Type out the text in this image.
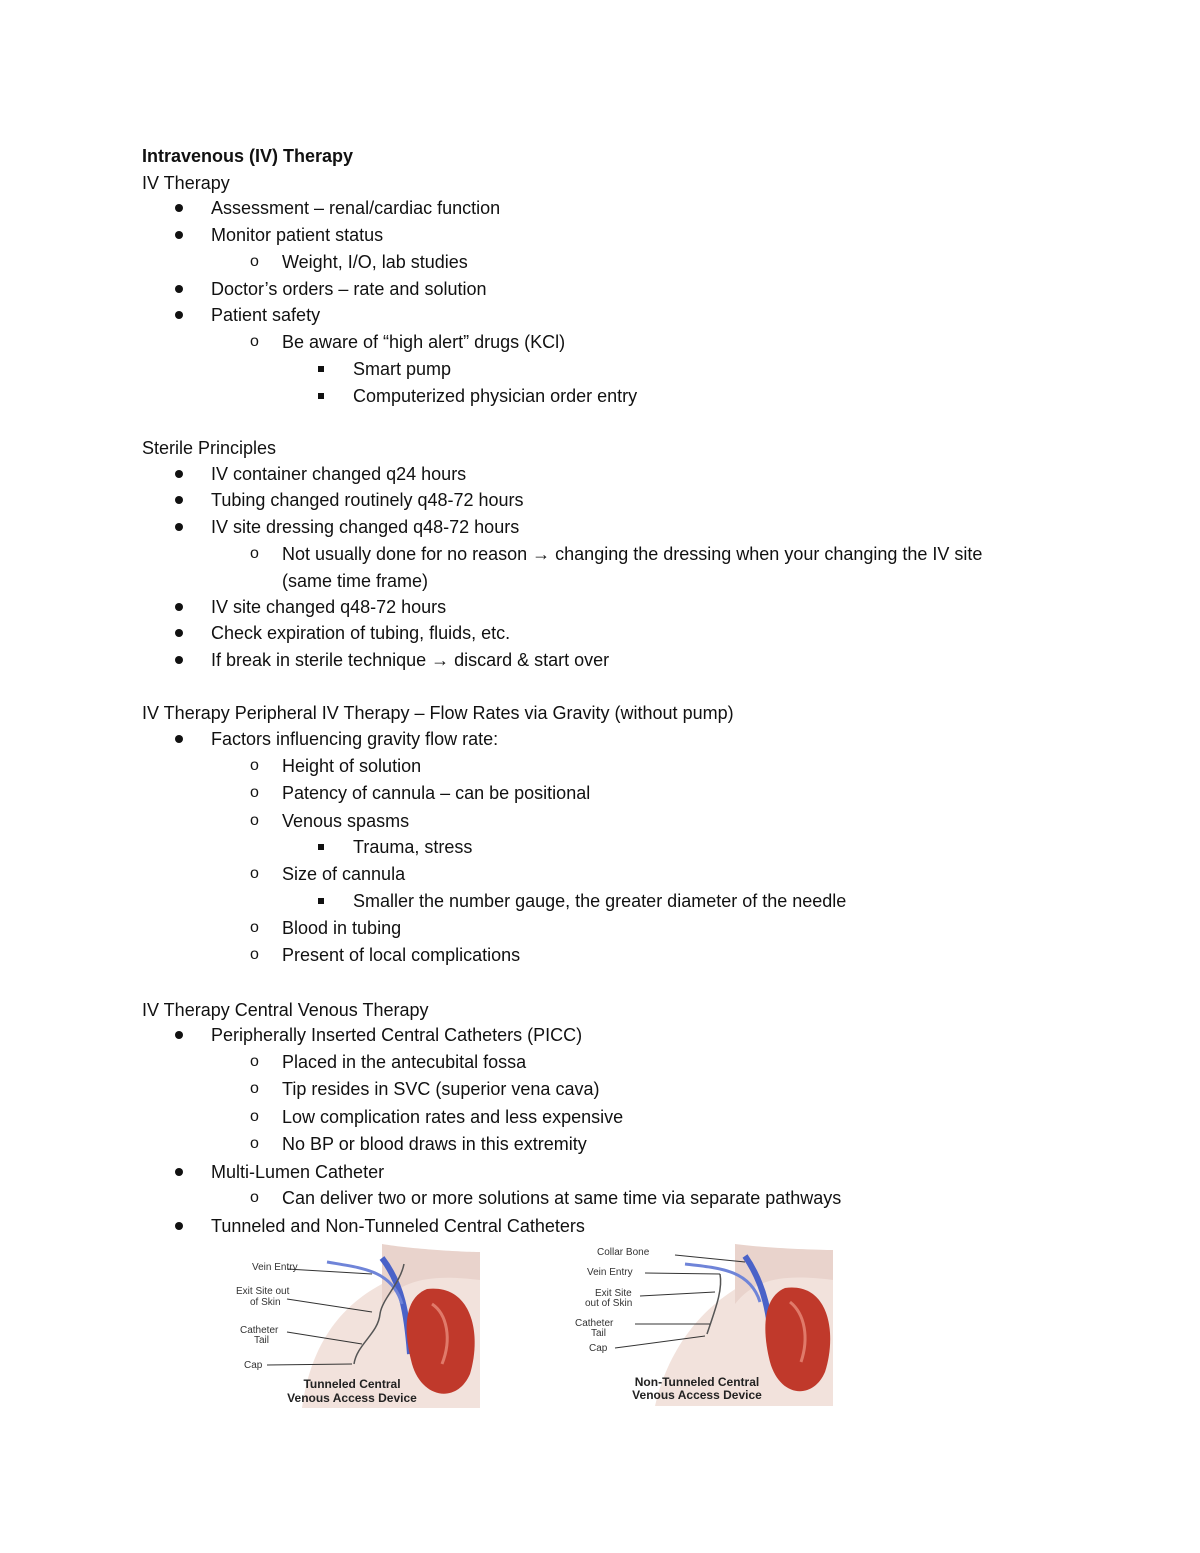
Intravenous (IV) Therapy
IV Therapy
Assessment – renal/cardiac function
Monitor patient status
o Weight, I/O, lab studies
Doctor’s orders – rate and solution
Patient safety
o Be aware of “high alert” drugs (KCl)
Smart pump
Computerized physician order entry
Sterile Principles
IV container changed q24 hours
Tubing changed routinely q48-72 hours
IV site dressing changed q48-72 hours
o Not usually done for no reason → changing the dressing when your changing the IV site
(same time frame)
IV site changed q48-72 hours
Check expiration of tubing, fluids, etc.
If break in sterile technique → discard & start over
IV Therapy Peripheral IV Therapy – Flow Rates via Gravity (without pump)
Factors influencing gravity flow rate:
o Height of solution
o Patency of cannula – can be positional
o Venous spasms
Trauma, stress
o Size of cannula
Smaller the number gauge, the greater diameter of the needle
o Blood in tubing
o Present of local complications
IV Therapy Central Venous Therapy
Peripherally Inserted Central Catheters (PICC)
o Placed in the antecubital fossa
o Tip resides in SVC (superior vena cava)
o Low complication rates and less expensive
o No BP or blood draws in this extremity
Multi-Lumen Catheter
o Can deliver two or more solutions at same time via separate pathways
Tunneled and Non-Tunneled Central Catheters
Vein Entry
Exit Site out
of Skin
Catheter
Tail
Cap
Tunneled Central
Venous Access Device
Collar Bone
Vein Entry
Exit Site
out of Skin
Catheter
Tail
Cap
Non-Tunneled Central
Venous Access Device
